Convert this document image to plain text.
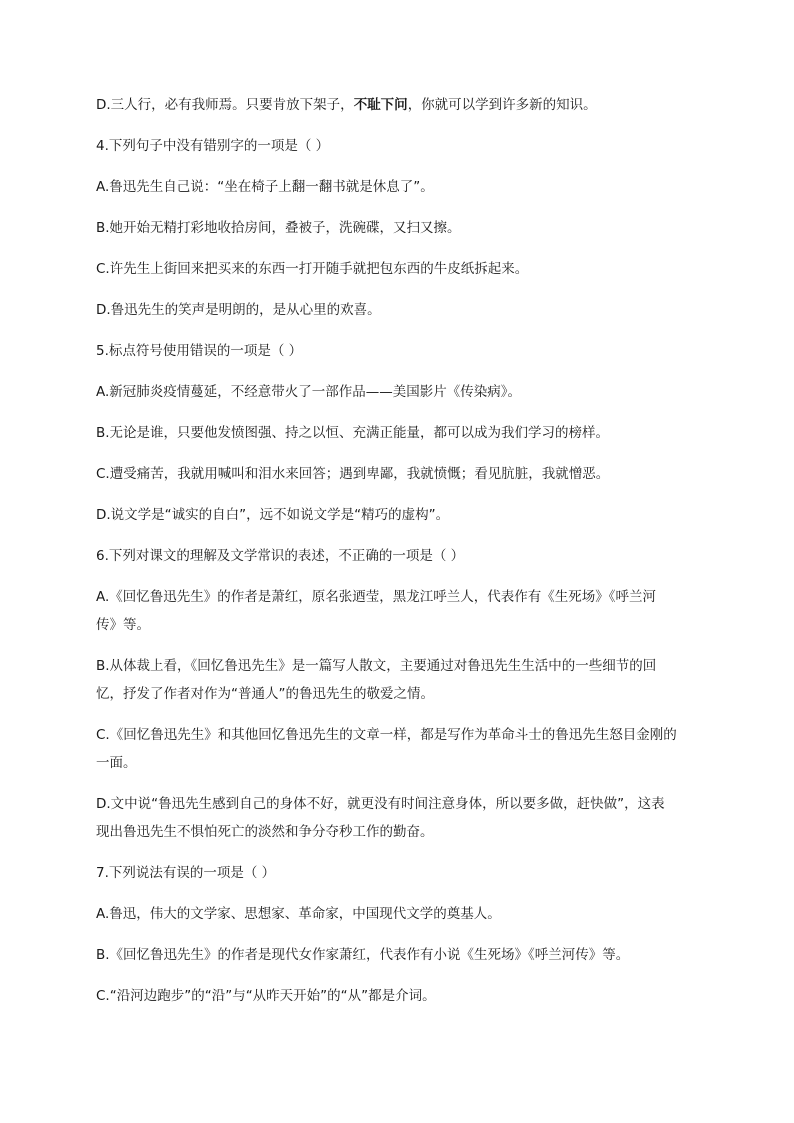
D.三人行，必有我师焉。只要肯放下架子，不耻下问，你就可以学到许多新的知识。

4.下列句子中没有错别字的一项是（ ）

A.鲁迅先生自己说：“坐在椅子上翻一翻书就是休息了”。

B.她开始无精打彩地收拾房间，叠被子，洗碗碟，又扫又擦。

C.许先生上街回来把买来的东西一打开随手就把包东西的牛皮纸拆起来。

D.鲁迅先生的笑声是明朗的，是从心里的欢喜。

5.标点符号使用错误的一项是（ ）

A.新冠肺炎疫情蔓延，不经意带火了一部作品——美国影片《传染病》。

B.无论是谁，只要他发愤图强、持之以恒、充满正能量，都可以成为我们学习的榜样。

C.遭受痛苦，我就用喊叫和泪水来回答；遇到卑鄙，我就愤慨；看见肮脏，我就憎恶。

D.说文学是“诚实的自白”，远不如说文学是“精巧的虚构”。

6.下列对课文的理解及文学常识的表述，不正确的一项是（ ）

A.《回忆鲁迅先生》的作者是萧红，原名张迺莹，黑龙江呼兰人，代表作有《生死场》《呼兰河

传》等。

B.从体裁上看，《回忆鲁迅先生》是一篇写人散文，主要通过对鲁迅先生生活中的一些细节的回

忆，抒发了作者对作为“普通人”的鲁迅先生的敬爱之情。

C.《回忆鲁迅先生》和其他回忆鲁迅先生的文章一样，都是写作为革命斗士的鲁迅先生怒目金刚的

一面。

D.文中说“鲁迅先生感到自己的身体不好，就更没有时间注意身体，所以要多做，赶快做”，这表

现出鲁迅先生不惧怕死亡的淡然和争分夺秒工作的勤奋。

7.下列说法有误的一项是（ ）

A.鲁迅，伟大的文学家、思想家、革命家，中国现代文学的奠基人。

B.《回忆鲁迅先生》的作者是现代女作家萧红，代表作有小说《生死场》《呼兰河传》等。

C.“沿河边跑步”的“沿”与“从昨天开始”的“从”都是介词。
